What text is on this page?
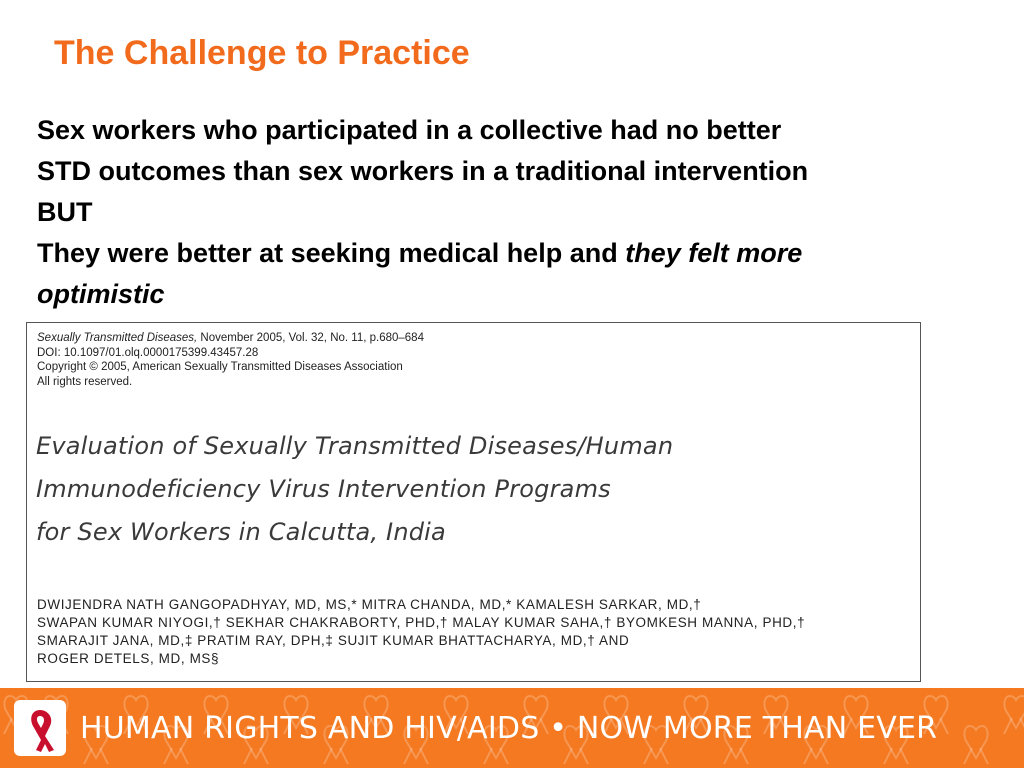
The Challenge to Practice
Sex workers who participated in a collective had no better
STD outcomes than sex workers in a traditional intervention
BUT
They were better at seeking medical help and they felt more
optimistic
Sexually Transmitted Diseases, November 2005, Vol. 32, No. 11, p.680–684
DOI: 10.1097/01.olq.0000175399.43457.28
Copyright © 2005, American Sexually Transmitted Diseases Association
All rights reserved.
Evaluation of Sexually Transmitted Diseases/Human
Immunodeficiency Virus Intervention Programs
for Sex Workers in Calcutta, India
DWIJENDRA NATH GANGOPADHYAY, MD, MS,* MITRA CHANDA, MD,* KAMALESH SARKAR, MD,†
SWAPAN KUMAR NIYOGI,† SEKHAR CHAKRABORTY, PHD,† MALAY KUMAR SAHA,† BYOMKESH MANNA, PHD,†
SMARAJIT JANA, MD,‡ PRATIM RAY, DPH,‡ SUJIT KUMAR BHATTACHARYA, MD,† AND
ROGER DETELS, MD, MS§
HUMAN RIGHTS AND HIV/AIDS • NOW MORE THAN EVER
